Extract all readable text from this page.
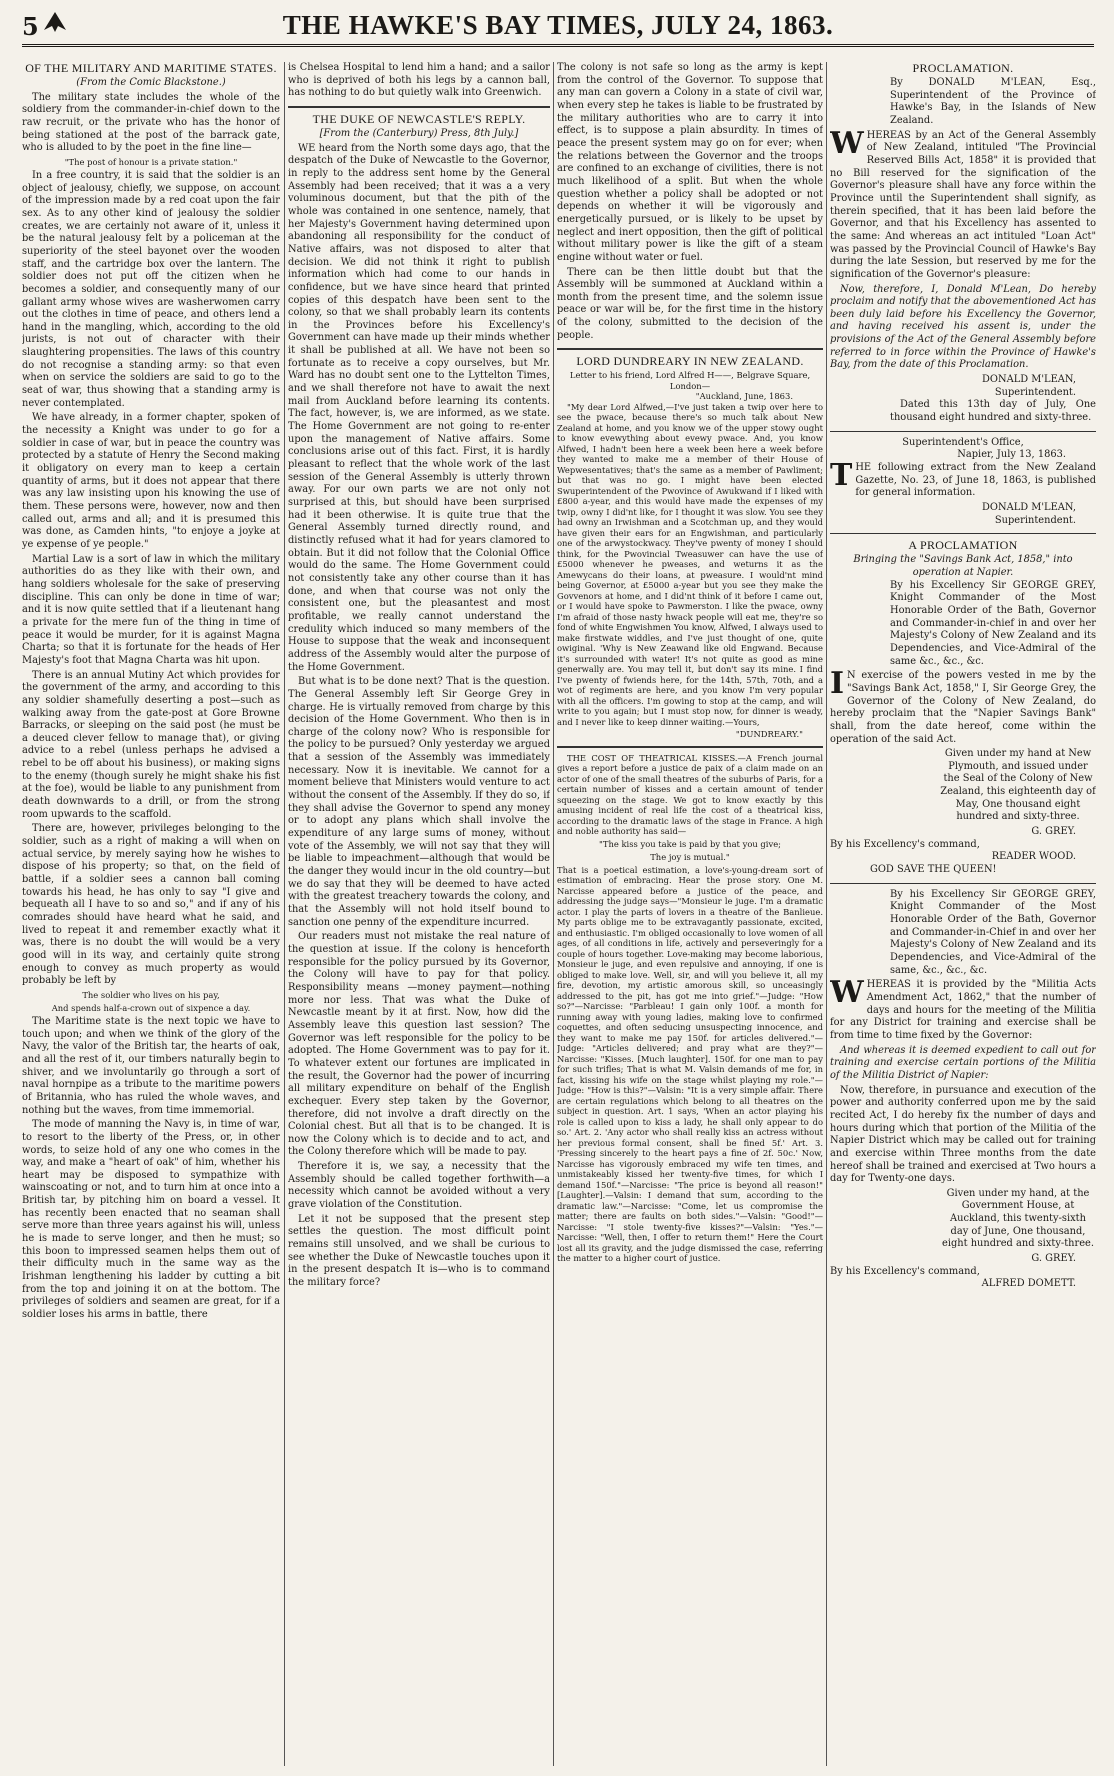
5	THE HAWKE'S BAY TIMES, JULY 24, 1863.
OF THE MILITARY AND MARITIME STATES.
(From the Comic Blackstone.)

The military state includes the whole of the soldiery from the commander-in-chief down to the raw recruit, or the private who has the honor of being stationed at the post of the barrack gate, who is alluded to by the poet in the fine line—

"The post of honour is a private station."

In a free country, it is said that the soldier is an object of jealousy, chiefly, we suppose, on account of the impression made by a red coat upon the fair sex. As to any other kind of jealousy the soldier creates, we are certainly not aware of it, unless it be the natural jealousy felt by a policeman at the superiority of the steel bayonet over the wooden staff, and the cartridge box over the lantern. The soldier does not put off the citizen when he becomes a soldier, and consequently many of our gallant army whose wives are washerwomen carry out the clothes in time of peace, and others lend a hand in the mangling, which, according to the old jurists, is not out of character with their slaughtering propensities. The laws of this country do not recognise a standing army: so that even when on service the soldiers are said to go to the seat of war, thus showing that a standing army is never contemplated.

We have already, in a former chapter, spoken of the necessity a Knight was under to go for a soldier in case of war, but in peace the country was protected by a statute of Henry the Second making it obligatory on every man to keep a certain quantity of arms, but it does not appear that there was any law insisting upon his knowing the use of them. These persons were, however, now and then called out, arms and all; and it is presumed this was done, as Camden hints, "to enjoye a joyke at ye expense of ye people."

Martial Law is a sort of law in which the military authorities do as they like with their own, and hang soldiers wholesale for the sake of preserving discipline. This can only be done in time of war; and it is now quite settled that if a lieutenant hang a private for the mere fun of the thing in time of peace it would be murder, for it is against Magna Charta; so that it is fortunate for the heads of Her Majesty's foot that Magna Charta was hit upon.

There is an annual Mutiny Act which provides for the government of the army, and according to this any soldier shamefully deserting a post—such as walking away from the gate-post at Gore Browne Barracks, or sleeping on the said post (he must be a deuced clever fellow to manage that), or giving advice to a rebel (unless perhaps he advised a rebel to be off about his business), or making signs to the enemy (though surely he might shake his fist at the foe), would be liable to any punishment from death downwards to a drill, or from the strong room upwards to the scaffold.

There are, however, privileges belonging to the soldier, such as a right of making a will when on actual service, by merely saying how he wishes to dispose of his property; so that, on the field of battle, if a soldier sees a cannon ball coming towards his head, he has only to say "I give and bequeath all I have to so and so," and if any of his comrades should have heard what he said, and lived to repeat it and remember exactly what it was, there is no doubt the will would be a very good will in its way, and certainly quite strong enough to convey as much property as would probably be left by

The soldier who lives on his pay,
And spends half-a-crown out of sixpence a day.

The Maritime state is the next topic we have to touch upon; and when we think of the glory of the Navy, the valor of the British tar, the hearts of oak, and all the rest of it, our timbers naturally begin to shiver, and we involuntarily go through a sort of naval hornpipe as a tribute to the maritime powers of Britannia, who has ruled the whole waves, and nothing but the waves, from time immemorial.

The mode of manning the Navy is, in time of war, to resort to the liberty of the Press, or, in other words, to seize hold of any one who comes in the way, and make a "heart of oak" of him, whether his heart may be disposed to sympathize with wainscoating or not, and to turn him at once into a British tar, by pitching him on board a vessel. It has recently been enacted that no seaman shall serve more than three years against his will, unless he is made to serve longer, and then he must; so this boon to impressed seamen helps them out of their difficulty much in the same way as the Irishman lengthening his ladder by cutting a bit from the top and joining it on at the bottom. The privileges of soldiers and seamen are great, for if a soldier loses his arms in battle, there

is Chelsea Hospital to lend him a hand; and a sailor who is deprived of both his legs by a cannon ball, has nothing to do but quietly walk into Greenwich.

THE DUKE OF NEWCASTLE'S REPLY.
[From the (Canterbury) Press, 8th July.]

WE heard from the North some days ago, that the despatch of the Duke of Newcastle to the Governor, in reply to the address sent home by the General Assembly had been received; that it was a a very voluminous document, but that the pith of the whole was contained in one sentence, namely, that her Majesty's Government having determined upon abandoning all responsibility for the conduct of Native affairs, was not disposed to alter that decision. We did not think it right to publish information which had come to our hands in confidence, but we have since heard that printed copies of this despatch have been sent to the colony, so that we shall probably learn its contents in the Provinces before his Excellency's Government can have made up their minds whether it shall be published at all. We have not been so fortunate as to receive a copy ourselves, but Mr. Ward has no doubt sent one to the Lyttelton Times, and we shall therefore not have to await the next mail from Auckland before learning its contents. The fact, however, is, we are informed, as we state. The Home Government are not going to re-enter upon the management of Native affairs. Some conclusions arise out of this fact. First, it is hardly pleasant to reflect that the whole work of the last session of the General Assembly is utterly thrown away. For our own parts we are not only not surprised at this, but should have been surprised had it been otherwise. It is quite true that the General Assembly turned directly round, and distinctly refused what it had for years clamored to obtain. But it did not follow that the Colonial Office would do the same. The Home Government could not consistently take any other course than it has done, and when that course was not only the consistent one, but the pleasantest and most profitable, we really cannot understand the credulity which induced so many members of the House to suppose that the weak and inconsequent address of the Assembly would alter the purpose of the Home Government.

But what is to be done next? That is the question. The General Assembly left Sir George Grey in charge. He is virtually removed from charge by this decision of the Home Government. Who then is in charge of the colony now? Who is responsible for the policy to be pursued? Only yesterday we argued that a session of the Assembly was immediately necessary. Now it is inevitable. We cannot for a moment believe that Ministers would venture to act without the consent of the Assembly. If they do so, if they shall advise the Governor to spend any money or to adopt any plans which shall involve the expenditure of any large sums of money, without vote of the Assembly, we will not say that they will be liable to impeachment—although that would be the danger they would incur in the old country—but we do say that they will be deemed to have acted with the greatest treachery towards the colony, and that the Assembly will not hold itself bound to sanction one penny of the expenditure incurred.

Our readers must not mistake the real nature of the question at issue. If the colony is henceforth responsible for the policy pursued by its Governor, the Colony will have to pay for that policy. Responsibility means —money payment—nothing more nor less. That was what the Duke of Newcastle meant by it at first. Now, how did the Assembly leave this question last session? The Governor was left responsible for the policy to be adopted. The Home Government was to pay for it. To whatever extent our fortunes are implicated in the result, the Governor had the power of incurring all military expenditure on behalf of the English exchequer. Every step taken by the Governor, therefore, did not involve a draft directly on the Colonial chest. But all that is to be changed. It is now the Colony which is to decide and to act, and the Colony therefore which will be made to pay.

Therefore it is, we say, a necessity that the Assembly should be called together forthwith—a necessity which cannot be avoided without a very grave violation of the Constitution.

Let it not be supposed that the present step settles the question. The most difficult point remains still unsolved, and we shall be curious to see whether the Duke of Newcastle touches upon it in the present despatch It is—who is to command the military force?

The colony is not safe so long as the army is kept from the control of the Governor. To suppose that any man can govern a Colony in a state of civil war, when every step he takes is liable to be frustrated by the military authorities who are to carry it into effect, is to suppose a plain absurdity. In times of peace the present system may go on for ever; when the relations between the Governor and the troops are confined to an exchange of civilities, there is not much likelihood of a split. But when the whole question whether a policy shall be adopted or not depends on whether it will be vigorously and energetically pursued, or is likely to be upset by neglect and inert opposition, then the gift of political without military power is like the gift of a steam engine without water or fuel.

There can be then little doubt but that the Assembly will be summoned at Auckland within a month from the present time, and the solemn issue peace or war will be, for the first time in the history of the colony, submitted to the decision of the people.

LORD DUNDREARY IN NEW ZEALAND.
Letter to his friend, Lord Alfred H——, Belgrave Square, London—
"Auckland, June, 1863.

"My dear Lord Alfwed,—I've just taken a twip over here to see the pwace, because there's so much talk about New Zealand at home, and you know we of the upper stowy ought to know evewything about evewy pwace. And, you know Alfwed, I hadn't been here a week been here a week before they wanted to make me a member of their House of Wepwesentatives; that's the same as a member of Pawliment; but that was no go. I might have been elected Swuperintendent of the Pwovince of Awukwand if I liked with £800 a-year, and this would have made the expenses of my twip, owny I did'nt like, for I thought it was slow. You see they had owny an Irwishman and a Scotchman up, and they would have given their ears for an Engwishman, and particularly one of the arwystockwacy. They've pwenty of money I should think, for the Pwovincial Tweasuwer can have the use of £5000 whenever he pweases, and weturns it as the Amewycans do their loans, at pweasure. I would'nt mind being Governor, at £5000 a-year but you see they make the Govvenors at home, and I did'nt think of it before I came out, or I would have spoke to Pawmerston. I like the pwace, owny I'm afraid of those nasty hwack people will eat me, they're so fond of white Engwishmen You know, Alfwed, I always used to make firstwate widdles, and I've just thought of one, quite owiginal. 'Why is New Zeawand like old Engwand. Because it's surrounded with water! It's not quite as good as mine generwally are. You may tell it, but don't say its mine. I find I've pwenty of fwiends here, for the 14th, 57th, 70th, and a wot of regiments are here, and you know I'm very popular with all the officers. I'm gowing to stop at the camp, and will write to you again; but I must stop now, for dinner is weady, and I never like to keep dinner waiting.—Yours,

"DUNDREARY."

THE COST OF THEATRICAL KISSES.—A French journal gives a report before a justice de paix of a claim made on an actor of one of the small theatres of the suburbs of Paris, for a certain number of kisses and a certain amount of tender squeezing on the stage. We got to know exactly by this amusing incident of real life the cost of a theatrical kiss, according to the dramatic laws of the stage in France. A high and noble authority has said—

"The kiss you take is paid by that you give;
The joy is mutual."

That is a poetical estimation, a love's-young-dream sort of estimation of embracing. Hear the prose story. One M. Narcisse appeared before a justice of the peace, and addressing the judge says—"Monsieur le juge. I'm a dramatic actor. I play the parts of lovers in a theatre of the Banlieue. My parts oblige me to be extravagantly passionate, excited, and enthusiastic. I'm obliged occasionally to love women of all ages, of all conditions in life, actively and perseveringly for a couple of hours together. Love-making may become laborious, Monsieur le juge, and even repulsive and annoying, if one is obliged to make love. Well, sir, and will you believe it, all my fire, devotion, my artistic amorous skill, so unceasingly addressed to the pit, has got me into grief."—Judge: "How so?"—Narcisse: "Parbleau! I gain only 100f. a month for running away with young ladies, making love to confirmed coquettes, and often seducing unsuspecting innocence, and they want to make me pay 150f. for articles delivered."—Judge: "Articles delivered; and pray what are they?"—Narcisse: "Kisses. [Much laughter]. 150f. for one man to pay for such trifles; That is what M. Valsin demands of me for, in fact, kissing his wife on the stage whilst playing my role."—Judge: "How is this?"—Valsin: "It is a very simple affair. There are certain regulations which belong to all theatres on the subject in question. Art. 1 says, 'When an actor playing his role is called upon to kiss a lady, he shall only appear to do so.' Art. 2. 'Any actor who shall really kiss an actress without her previous formal consent, shall be fined 5f.' Art. 3. 'Pressing sincerely to the heart pays a fine of 2f. 50c.' Now, Narcisse has vigorously embraced my wife ten times, and unmistakeably kissed her twenty-five times, for which I demand 150f."—Narcisse: "The price is beyond all reason!" [Laughter].—Valsin: I demand that sum, according to the dramatic law."—Narcisse: "Come, let us compromise the matter; there are faults on both sides."—Valsin: "Good!"—Narcisse: "I stole twenty-five kisses?"—Valsin: "Yes."—Narcisse: "Well, then, I offer to return them!" Here the Court lost all its gravity, and the judge dismissed the case, referring the matter to a higher court of justice.

PROCLAMATION.

By DONALD M'LEAN, Esq., Superintendent of the Province of Hawke's Bay, in the Islands of New Zealand.

WHEREAS by an Act of the General Assembly of New Zealand, intituled "The Provincial Reserved Bills Act, 1858" it is provided that no Bill reserved for the signification of the Governor's pleasure shall have any force within the Province until the Superintendent shall signify, as therein specified, that it has been laid before the Governor, and that his Excellency has assented to the same: And whereas an act intituled "Loan Act" was passed by the Provincial Council of Hawke's Bay during the late Session, but reserved by me for the signification of the Governor's pleasure:

Now, therefore, I, Donald M'Lean, Do hereby proclaim and notify that the abovementioned Act has been duly laid before his Excellency the Governor, and having received his assent is, under the provisions of the Act of the General Assembly before referred to in force within the Province of Hawke's Bay, from the date of this Proclamation.

DONALD M'LEAN,
Superintendent.

Dated this 13th day of July, One thousand eight hundred and sixty-three.

Superintendent's Office,
Napier, July 13, 1863.

THE following extract from the New Zealand Gazette, No. 23, of June 18, 1863, is published for general information.

DONALD M'LEAN,
Superintendent.
A PROCLAMATION
Bringing the "Savings Bank Act, 1858," into operation at Napier.

By his Excellency Sir GEORGE GREY, Knight Commander of the Most Honorable Order of the Bath, Governor and Commander-in-chief in and over her Majesty's Colony of New Zealand and its Dependencies, and Vice-Admiral of the same &c., &c., &c.

I N exercise of the powers vested in me by the "Savings Bank Act, 1858," I, Sir George Grey, the Governor of the Colony of New Zealand, do hereby proclaim that the "Napier Savings Bank" shall, from the date hereof, come within the operation of the said Act.

Given under my hand at New Plymouth, and issued under the Seal of the Colony of New Zealand, this eighteenth day of May, One thousand eight hundred and sixty-three.

G. GREY.
By his Excellency's command,
READER WOOD.
GOD SAVE THE QUEEN!

By his Excellency Sir GEORGE GREY, Knight Commander of the Most Honorable Order of the Bath, Governor and Commander-in-Chief in and over her Majesty's Colony of New Zealand and its Dependencies, and Vice-Admiral of the same, &c., &c., &c.

WHEREAS it is provided by the "Militia Acts Amendment Act, 1862," that the number of days and hours for the meeting of the Militia for any District for training and exercise shall be from time to time fixed by the Governor:

And whereas it is deemed expedient to call out for training and exercise certain portions of the Militia of the Militia District of Napier:

Now, therefore, in pursuance and execution of the power and authority conferred upon me by the said recited Act, I do hereby fix the number of days and hours during which that portion of the Militia of the Napier District which may be called out for training and exercise within Three months from the date hereof shall be trained and exercised at Two hours a day for Twenty-one days.

Given under my hand, at the Government House, at Auckland, this twenty-sixth day of June, One thousand, eight hundred and sixty-three.

G. GREY.
By his Excellency's command,
ALFRED DOMETT.
